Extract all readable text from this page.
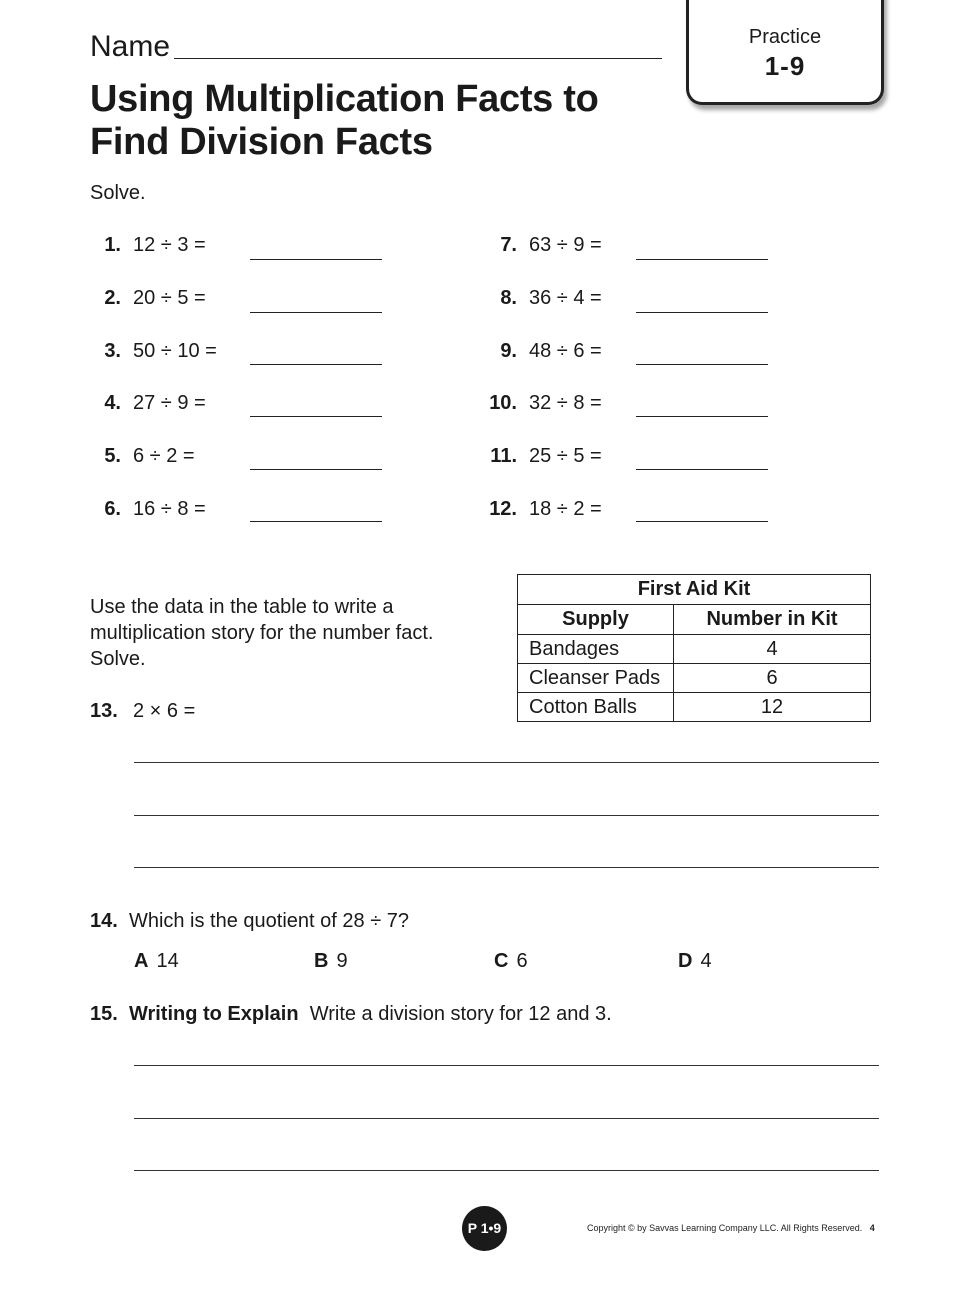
Name
Using Multiplication Facts to
Find Division Facts
Practice
1-9
Solve.
1. 12 ÷ 3 =
2. 20 ÷ 5 =
3. 50 ÷ 10 =
4. 27 ÷ 9 =
5. 6 ÷ 2 =
6. 16 ÷ 8 =
7. 63 ÷ 9 =
8. 36 ÷ 4 =
9. 48 ÷ 6 =
10. 32 ÷ 8 =
11. 25 ÷ 5 =
12. 18 ÷ 2 =
Use the data in the table to write a multiplication story for the number fact. Solve.
13. 2 × 6 =
First Aid Kit	
Supply	Number in Kit
Bandages	4
Cleanser Pads	6
Cotton Balls	12
14. Which is the quotient of 28 ÷ 7?
A 14	B 9	C 6	D 4
15. Writing to Explain Write a division story for 12 and 3.
P 1•9	Copyright © by Savvas Learning Company LLC. All Rights Reserved. 4
